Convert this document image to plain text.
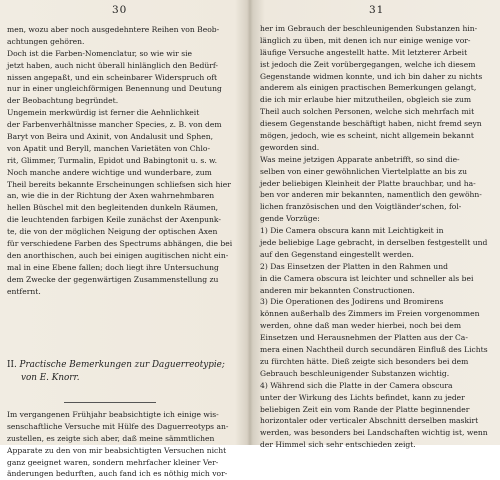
30
men, wozu aber noch ausgedehntere Reihen von Beob-
achtungen gehören.
Doch ist die Farben-Nomenclatur, so wie wir sie
jetzt haben, auch nicht überall hinlänglich den Bedürf-
nissen angepaßt, und ein scheinbarer Widerspruch oft
nur in einer ungleichförmigen Benennung und Deutung
der Beobachtung begründet.
Ungemein merkwürdig ist ferner die Aehnlichkeit
der Farbenverhältnisse mancher Species, z. B. von dem
Baryt von Beira und Axinit, von Andalusit und Sphen,
von Apatit und Beryll, manchen Varietäten von Chlo-
rit, Glimmer, Turmalin, Epidot und Babingtonit u. s. w.
Noch manche andere wichtige und wunderbare, zum
Theil bereits bekannte Erscheinungen schliefsen sich hier
an, wie die in der Richtung der Axen wahrnehmbaren
hellen Büschel mit den begleitenden dunkeln Räumen,
die leuchtenden farbigen Keile zunächst der Axenpunk-
te, die von der möglichen Neigung der optischen Axen
für verschiedene Farben des Spectrums abhängen, die bei
den anorthischen, auch bei einigen augitischen nicht ein-
mal in eine Ebene fallen; doch liegt ihre Untersuchung
dem Zwecke der gegenwärtigen Zusammenstellung zu
entfernt.
II. Practische Bemerkungen zur Daguerreotypie;
von E. Knorr.
Im vergangenen Frühjahr beabsichtigte ich einige wis-
senschaftliche Versuche mit Hülfe des Daguerreotyps an-
zustellen, es zeigte sich aber, daß meine sämmtlichen
Apparate zu den von mir beabsichtigten Versuchen nicht
ganz geeignet waren, sondern mehrfacher kleiner Ver-
änderungen bedurften, auch fand ich es nöthig mich vor-
31
her im Gebrauch der beschleunigenden Substanzen hin-
länglich zu üben, mit denen ich nur einige wenige vor-
läufige Versuche angestellt hatte. Mit letzterer Arbeit
ist jedoch die Zeit vorübergegangen, welche ich diesem
Gegenstande widmen konnte, und ich bin daher zu nichts
anderem als einigen practischen Bemerkungen gelangt,
die ich mir erlaube hier mitzutheilen, obgleich sie zum
Theil auch solchen Personen, welche sich mehrfach mit
diesem Gegenstande beschäftigt haben, nicht fremd seyn
mögen, jedoch, wie es scheint, nicht allgemein bekannt
geworden sind.
Was meine jetzigen Apparate anbetrifft, so sind die-
selben von einer gewöhnlichen Viertelplatte an bis zu
jeder beliebigen Kleinheit der Platte brauchbar, und ha-
ben vor anderen mir bekannten, namentlich den gewöhn-
lichen französischen und den Voigtländer'schen, fol-
gende Vorzüge:
1) Die Camera obscura kann mit Leichtigkeit in
jede beliebige Lage gebracht, in derselben festgestellt und
auf den Gegenstand eingestellt werden.
2) Das Einsetzen der Platten in den Rahmen und
in die Camera obscura ist leichter und schneller als bei
anderen mir bekannten Constructionen.
3) Die Operationen des Jodirens und Bromirens
können außerhalb des Zimmers im Freien vorgenommen
werden, ohne daß man weder hierbei, noch bei dem
Einsetzen und Herausnehmen der Platten aus der Ca-
mera einen Nachtheil durch secundären Einfluß des Lichts
zu fürchten hätte. Dieß zeigte sich besonders bei dem
Gebrauch beschleunigender Substanzen wichtig.
4) Während sich die Platte in der Camera obscura
unter der Wirkung des Lichts befindet, kann zu jeder
beliebigen Zeit ein vom Rande der Platte beginnender
horizontaler oder verticaler Abschnitt derselben maskirt
werden, was besonders bei Landschaften wichtig ist, wenn
der Himmel sich sehr entschieden zeigt.
